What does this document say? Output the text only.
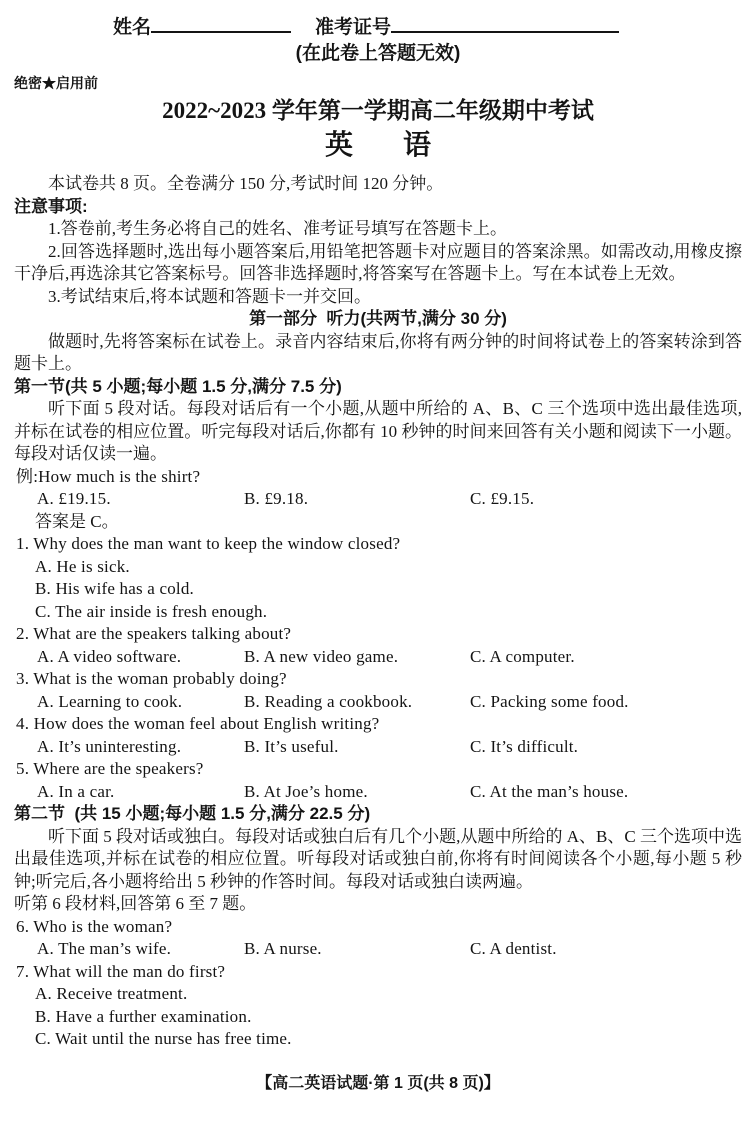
姓名	准考证号
(在此卷上答题无效)
绝密★启用前
2022~2023 学年第一学期高二年级期中考试
英语

本试卷共 8 页。全卷满分 150 分,考试时间 120 分钟。

注意事项:

1.答卷前,考生务必将自己的姓名、准考证号填写在答题卡上。

2.回答选择题时,选出每小题答案后,用铅笔把答题卡对应题目的答案涂黑。如需改动,用橡皮擦干净后,再选涂其它答案标号。回答非选择题时,将答案写在答题卡上。写在本试卷上无效。

3.考试结束后,将本试题和答题卡一并交回。

第一部分  听力(共两节,满分 30 分)

做题时,先将答案标在试卷上。录音内容结束后,你将有两分钟的时间将试卷上的答案转涂到答题卡上。

第一节(共 5 小题;每小题 1.5 分,满分 7.5 分)

听下面 5 段对话。每段对话后有一个小题,从题中所给的 A、B、C 三个选项中选出最佳选项,并标在试卷的相应位置。听完每段对话后,你都有 10 秒钟的时间来回答有关小题和阅读下一小题。每段对话仅读一遍。

例:How much is the shirt?
A. £19.15.	B. £9.18.	C. £9.15.
答案是 C。
1. Why does the man want to keep the window closed?
A. He is sick.
B. His wife has a cold.
C. The air inside is fresh enough.
2. What are the speakers talking about?
A. A video software.	B. A new video game.	C. A computer.
3. What is the woman probably doing?
A. Learning to cook.	B. Reading a cookbook.	C. Packing some food.
4. How does the woman feel about English writing?
A. It’s uninteresting.	B. It’s useful.	C. It’s difficult.
5. Where are the speakers?
A. In a car.	B. At Joe’s home.	C. At the man’s house.
第二节  (共 15 小题;每小题 1.5 分,满分 22.5 分)

听下面 5 段对话或独白。每段对话或独白后有几个小题,从题中所给的 A、B、C 三个选项中选出最佳选项,并标在试卷的相应位置。听每段对话或独白前,你将有时间阅读各个小题,每小题 5 秒钟;听完后,各小题将给出 5 秒钟的作答时间。每段对话或独白读两遍。

听第 6 段材料,回答第 6 至 7 题。
6. Who is the woman?
A. The man’s wife.	B. A nurse.	C. A dentist.
7. What will the man do first?
A. Receive treatment.
B. Have a further examination.
C. Wait until the nurse has free time.
【高二英语试题·第 1 页(共 8 页)】
